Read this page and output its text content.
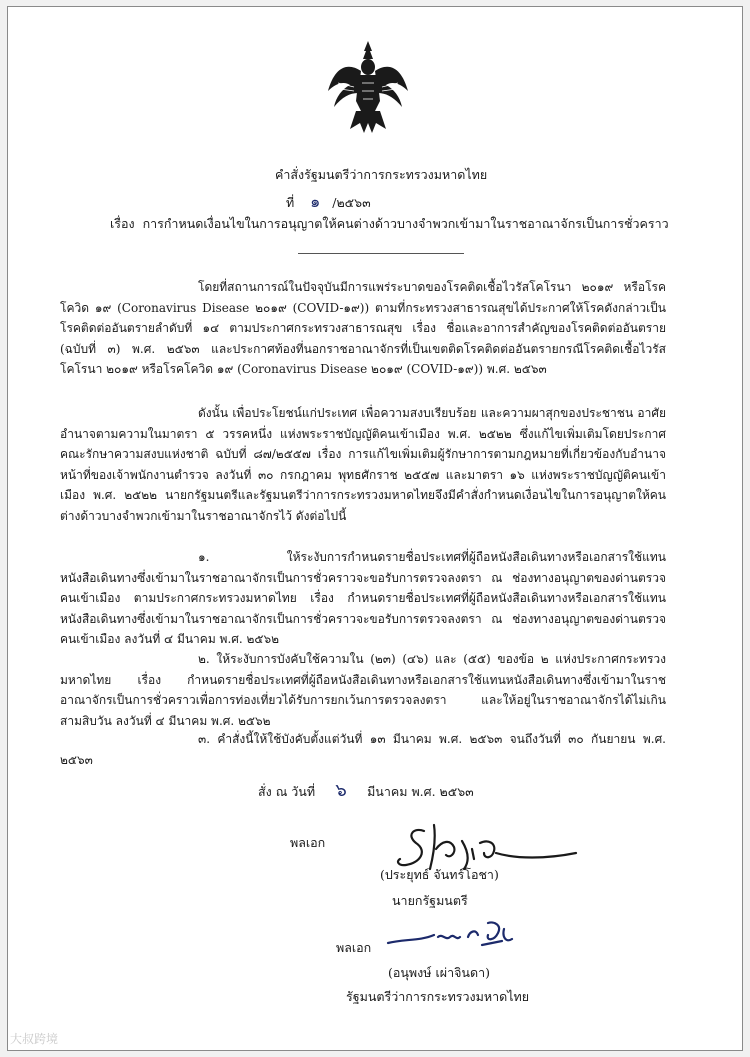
คำสั่งรัฐมนตรีว่าการกระทรวงมหาดไทย
ที่ ๑ /๒๕๖๓
เรื่อง การกำหนดเงื่อนไขในการอนุญาตให้คนต่างด้าวบางจำพวกเข้ามาในราชอาณาจักรเป็นการชั่วคราว

โดยที่สถานการณ์ในปัจจุบันมีการแพร่ระบาดของโรคติดเชื้อไวรัสโคโรนา ๒๐๑๙ หรือโรคโควิด ๑๙ (Coronavirus Disease ๒๐๑๙ (COVID-๑๙)) ตามที่กระทรวงสาธารณสุขได้ประกาศให้โรคดังกล่าวเป็นโรคติดต่ออันตรายลำดับที่ ๑๔ ตามประกาศกระทรวงสาธารณสุข เรื่อง ชื่อและอาการสำคัญของโรคติดต่ออันตราย (ฉบับที่ ๓) พ.ศ. ๒๕๖๓ และประกาศท้องที่นอกราชอาณาจักรที่เป็นเขตติดโรคติดต่ออันตรายกรณีโรคติดเชื้อไวรัสโคโรนา ๒๐๑๙ หรือโรคโควิด ๑๙ (Coronavirus Disease ๒๐๑๙ (COVID-๑๙)) พ.ศ. ๒๕๖๓

ดังนั้น เพื่อประโยชน์แก่ประเทศ เพื่อความสงบเรียบร้อย และความผาสุกของประชาชน อาศัยอำนาจตามความในมาตรา ๕ วรรคหนึ่ง แห่งพระราชบัญญัติคนเข้าเมือง พ.ศ. ๒๕๒๒ ซึ่งแก้ไขเพิ่มเติมโดยประกาศคณะรักษาความสงบแห่งชาติ ฉบับที่ ๘๗/๒๕๕๗ เรื่อง การแก้ไขเพิ่มเติมผู้รักษาการตามกฎหมายที่เกี่ยวข้องกับอำนาจหน้าที่ของเจ้าพนักงานตำรวจ ลงวันที่ ๓๐ กรกฎาคม พุทธศักราช ๒๕๕๗ และมาตรา ๑๖ แห่งพระราชบัญญัติคนเข้าเมือง พ.ศ. ๒๕๒๒ นายกรัฐมนตรีและรัฐมนตรีว่าการกระทรวงมหาดไทยจึงมีคำสั่งกำหนดเงื่อนไขในการอนุญาตให้คนต่างด้าวบางจำพวกเข้ามาในราชอาณาจักรไว้ ดังต่อไปนี้

๑. ให้ระงับการกำหนดรายชื่อประเทศที่ผู้ถือหนังสือเดินทางหรือเอกสารใช้แทนหนังสือเดินทางซึ่งเข้ามาในราชอาณาจักรเป็นการชั่วคราวจะขอรับการตรวจลงตรา ณ ช่องทางอนุญาตของด่านตรวจคนเข้าเมือง ตามประกาศกระทรวงมหาดไทย เรื่อง กำหนดรายชื่อประเทศที่ผู้ถือหนังสือเดินทางหรือเอกสารใช้แทนหนังสือเดินทางซึ่งเข้ามาในราชอาณาจักรเป็นการชั่วคราวจะขอรับการตรวจลงตรา ณ ช่องทางอนุญาตของด่านตรวจคนเข้าเมือง ลงวันที่ ๔ มีนาคม พ.ศ. ๒๕๖๒

๒. ให้ระงับการบังคับใช้ความใน (๒๓) (๔๖) และ (๕๕) ของข้อ ๒ แห่งประกาศกระทรวงมหาดไทย เรื่อง กำหนดรายชื่อประเทศที่ผู้ถือหนังสือเดินทางหรือเอกสารใช้แทนหนังสือเดินทางซึ่งเข้ามาในราชอาณาจักรเป็นการชั่วคราวเพื่อการท่องเที่ยวได้รับการยกเว้นการตรวจลงตรา และให้อยู่ในราชอาณาจักรได้ไม่เกินสามสิบวัน ลงวันที่ ๔ มีนาคม พ.ศ. ๒๕๖๒

๓. คำสั่งนี้ให้ใช้บังคับตั้งแต่วันที่ ๑๓ มีนาคม พ.ศ. ๒๕๖๓ จนถึงวันที่ ๓๐ กันยายน พ.ศ. ๒๕๖๓

สั่ง ณ วันที่ ๖ มีนาคม พ.ศ. ๒๕๖๓
พลเอก
(ประยุทธ์ จันทร์โอชา)
นายกรัฐมนตรี
พลเอก
(อนุพงษ์ เผ่าจินดา)
รัฐมนตรีว่าการกระทรวงมหาดไทย
大叔跨境
